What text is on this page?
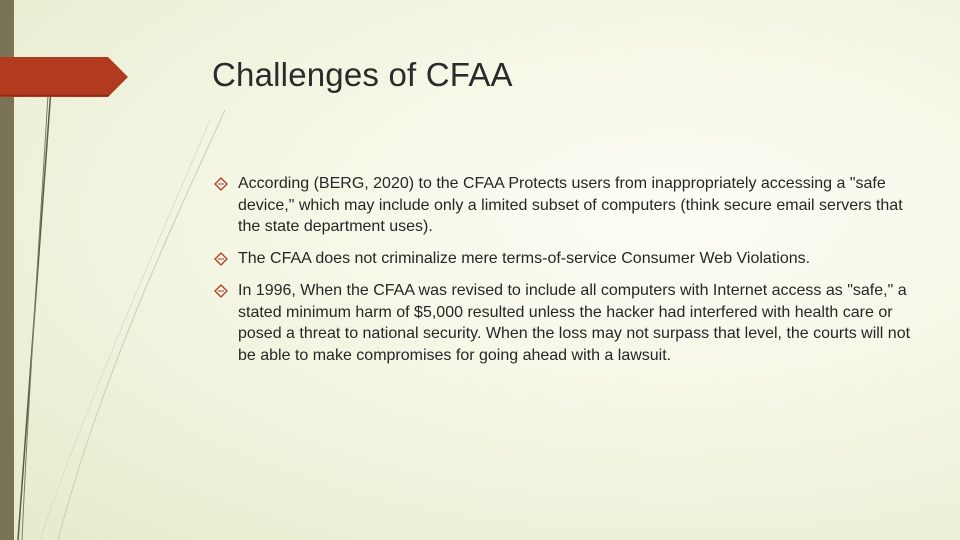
Challenges of CFAA
According (BERG, 2020) to the CFAA Protects users from inappropriately accessing a "safe device," which may include only a limited subset of computers (think secure email servers that the state department uses).
The CFAA does not criminalize mere terms-of-service Consumer Web Violations.
In 1996, When the CFAA was revised to include all computers with Internet access as "safe," a stated minimum harm of $5,000 resulted unless the hacker had interfered with health care or posed a threat to national security. When the loss may not surpass that level, the courts will not be able to make compromises for going ahead with a lawsuit.
